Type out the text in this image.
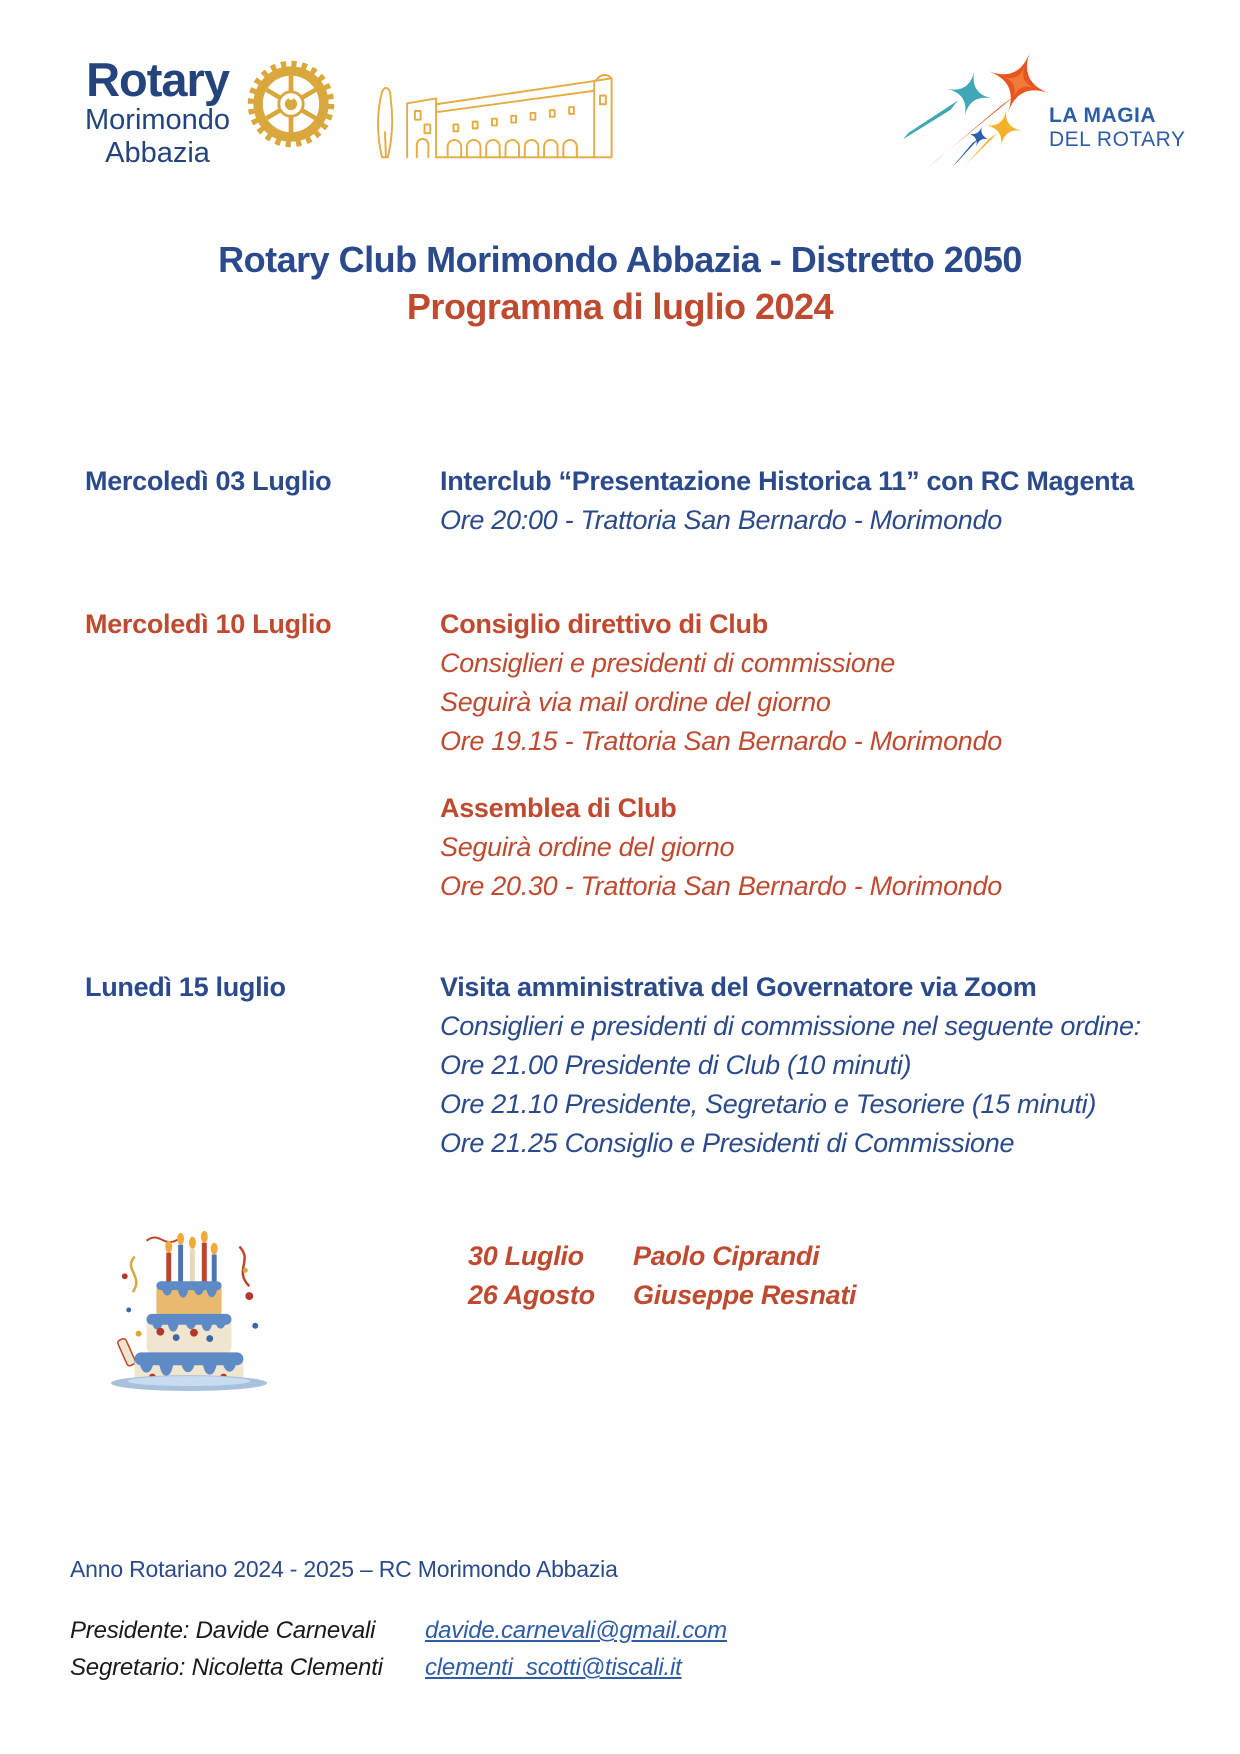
Rotary
Morimondo
Abbazia
LA MAGIA
DEL ROTARY
Rotary Club Morimondo Abbazia - Distretto 2050
Programma di luglio 2024
Mercoledì 03 Luglio	Interclub “Presentazione Historica 11” con RC Magenta
Ore 20:00 - Trattoria San Bernardo - Morimondo
Mercoledì 10 Luglio	Consiglio direttivo di Club
Consiglieri e presidenti di commissione
Seguirà via mail ordine del giorno
Ore 19.15 - Trattoria San Bernardo - Morimondo
Assemblea di Club
Seguirà ordine del giorno
Ore 20.30 - Trattoria San Bernardo - Morimondo
Lunedì 15 luglio	Visita amministrativa del Governatore via Zoom
Consiglieri e presidenti di commissione nel seguente ordine:
Ore 21.00 Presidente di Club (10 minuti)
Ore 21.10 Presidente, Segretario e Tesoriere (15 minuti)
Ore 21.25 Consiglio e Presidenti di Commissione
30 Luglio	Paolo Ciprandi
26 Agosto	Giuseppe Resnati
Anno Rotariano 2024 - 2025 – RC Morimondo Abbazia
Presidente: Davide Carnevali	davide.carnevali@gmail.com
Segretario: Nicoletta Clementi	clementi_scotti@tiscali.it
